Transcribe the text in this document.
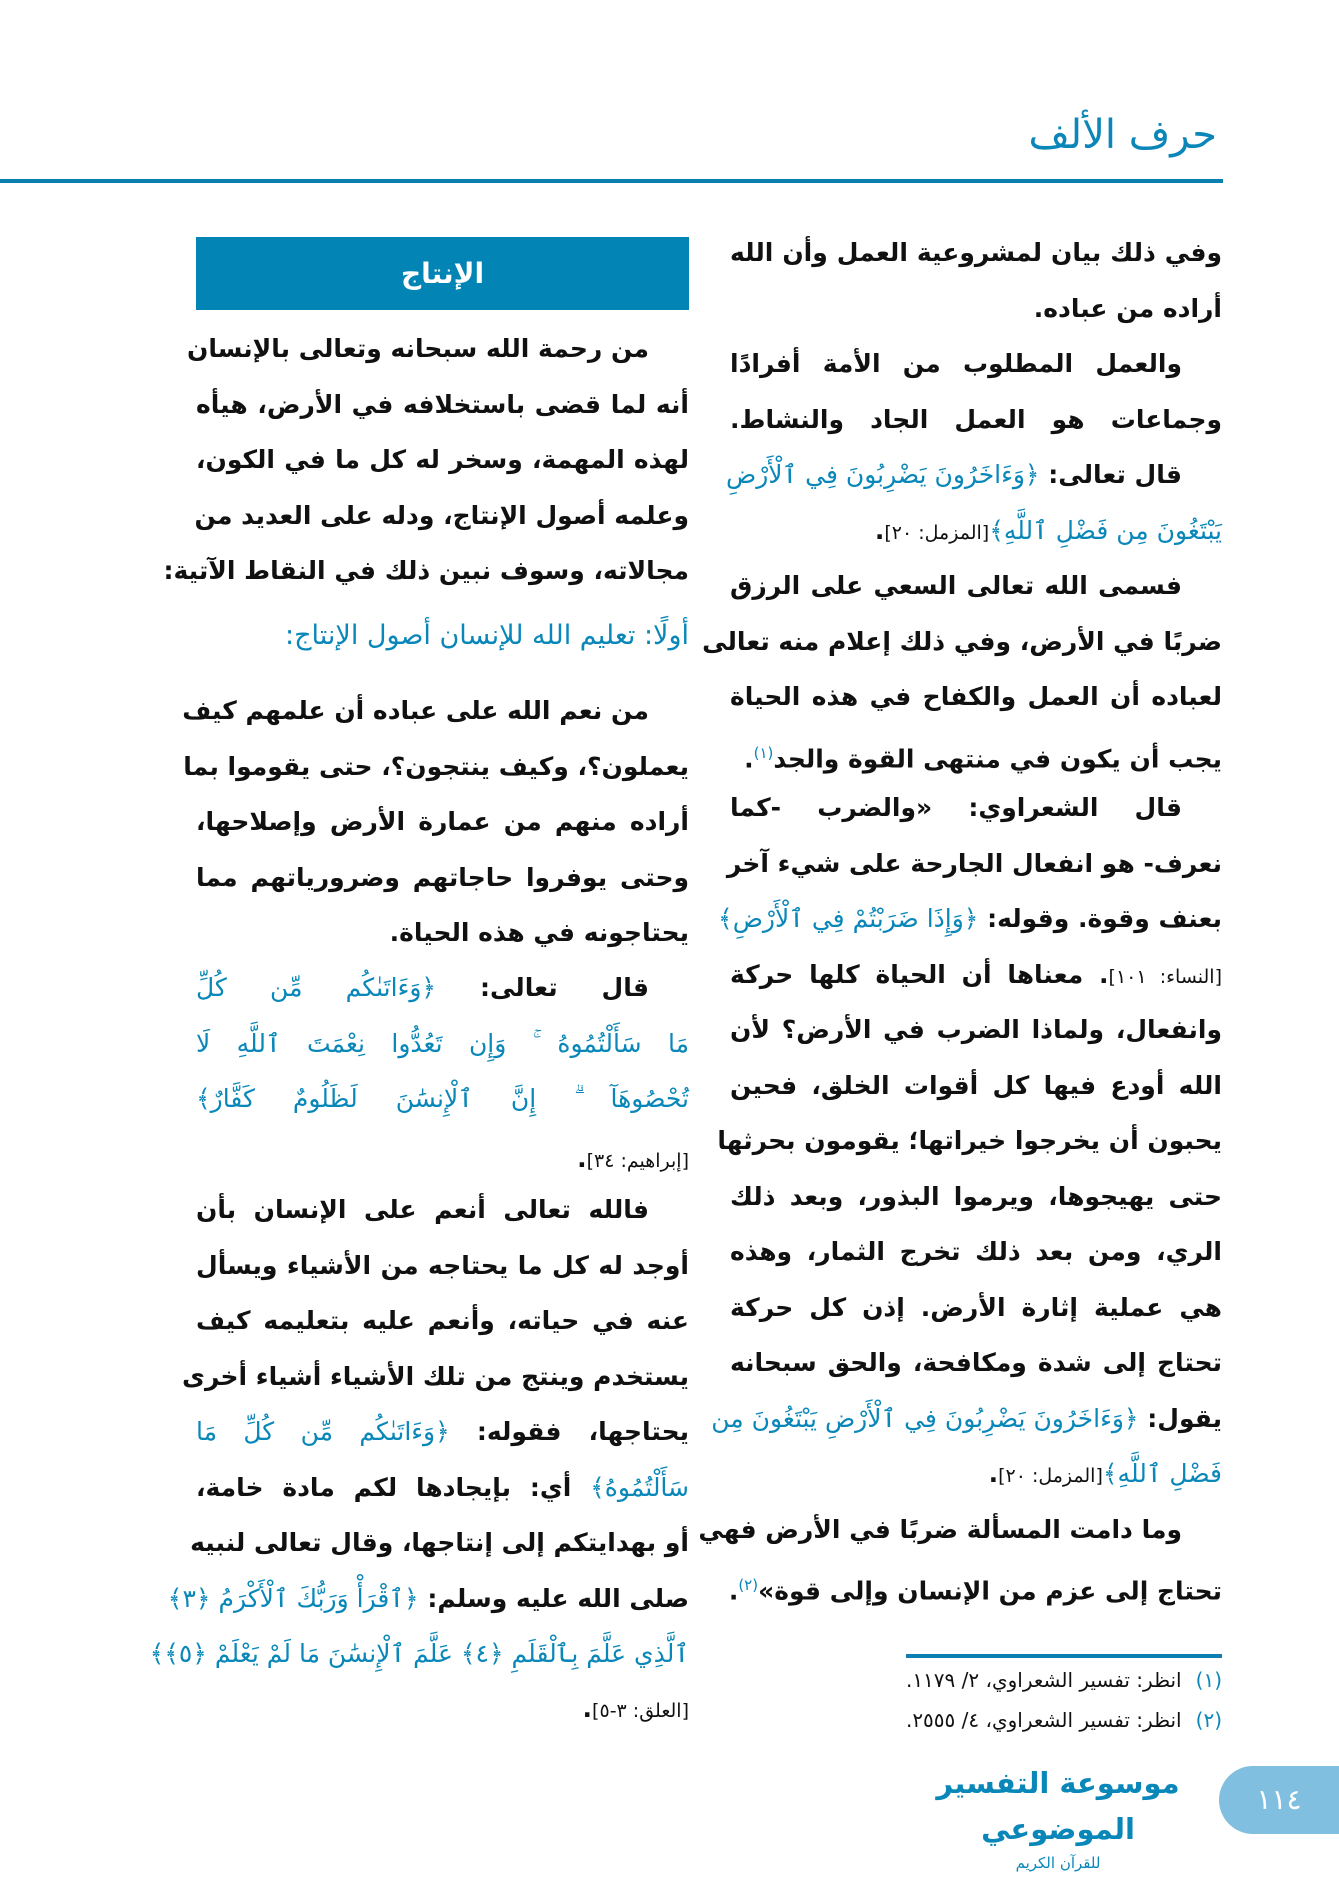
حرف الألف
وفي ذلك بيان لمشروعية العمل وأن الله
أراده من عباده.
والعمل المطلوب من الأمة أفرادًا
وجماعات هو العمل الجاد والنشاط.
قال تعالى: ﴿وَءَاخَرُونَ يَضْرِبُونَ فِي ٱلْأَرْضِ
يَبْتَغُونَ مِن فَضْلِ ٱللَّهِ﴾[المزمل: ٢٠].
فسمى الله تعالى السعي على الرزق
ضربًا في الأرض، وفي ذلك إعلام منه تعالى
لعباده أن العمل والكفاح في هذه الحياة
يجب أن يكون في منتهى القوة والجد$^{(١)}$.
قال الشعراوي: «والضرب -كما
نعرف- هو انفعال الجارحة على شيء آخر
بعنف وقوة. وقوله: ﴿وَإِذَا ضَرَبْتُمْ فِي ٱلْأَرْضِ﴾
[النساء: ١٠١]. معناها أن الحياة كلها حركة
وانفعال، ولماذا الضرب في الأرض؟ لأن
الله أودع فيها كل أقوات الخلق، فحين
يحبون أن يخرجوا خيراتها؛ يقومون بحرثها
حتى يهيجوها، ويرموا البذور، وبعد ذلك
الري، ومن بعد ذلك تخرج الثمار، وهذه
هي عملية إثارة الأرض. إذن كل حركة
تحتاج إلى شدة ومكافحة، والحق سبحانه
يقول: ﴿وَءَاخَرُونَ يَضْرِبُونَ فِي ٱلْأَرْضِ يَبْتَغُونَ مِن
فَضْلِ ٱللَّهِ﴾[المزمل: ٢٠].
وما دامت المسألة ضربًا في الأرض فهي
تحتاج إلى عزم من الإنسان وإلى قوة»$^{(٢)}$.
الإنتاج
من رحمة الله سبحانه وتعالى بالإنسان
أنه لما قضى باستخلافه في الأرض، هيأه
لهذه المهمة، وسخر له كل ما في الكون،
وعلمه أصول الإنتاج، ودله على العديد من
مجالاته، وسوف نبين ذلك في النقاط الآتية:
أولًا: تعليم الله للإنسان أصول الإنتاج:
من نعم الله على عباده أن علمهم كيف
يعملون؟، وكيف ينتجون؟، حتى يقوموا بما
أراده منهم من عمارة الأرض وإصلاحها،
وحتى يوفروا حاجاتهم وضرورياتهم مما
يحتاجونه في هذه الحياة.
قال تعالى: ﴿وَءَاتَىٰكُم مِّن كُلِّ
مَا سَأَلْتُمُوهُ ۚ وَإِن تَعُدُّوا نِعْمَتَ ٱللَّهِ لَا
تُحْصُوهَآ ۗ إِنَّ ٱلْإِنسَٰنَ لَظَلُومٌ كَفَّارٌ﴾
[إبراهيم: ٣٤].
فالله تعالى أنعم على الإنسان بأن
أوجد له كل ما يحتاجه من الأشياء ويسأل
عنه في حياته، وأنعم عليه بتعليمه كيف
يستخدم وينتج من تلك الأشياء أشياء أخرى
يحتاجها، فقوله: ﴿وَءَاتَىٰكُم مِّن كُلِّ مَا
سَأَلْتُمُوهُ﴾ أي: بإيجادها لكم مادة خامة،
أو بهدايتكم إلى إنتاجها، وقال تعالى لنبيه
صلى الله عليه وسلم: ﴿ٱقْرَأْ وَرَبُّكَ ٱلْأَكْرَمُ ﴿٣﴾
ٱلَّذِي عَلَّمَ بِٱلْقَلَمِ ﴿٤﴾ عَلَّمَ ٱلْإِنسَٰنَ مَا لَمْ يَعْلَمْ ﴿٥﴾﴾
[العلق: ٣-٥].
(١)انظر: تفسير الشعراوي، ٢/ ١١٧٩.
(٢)انظر: تفسير الشعراوي، ٤/ ٢٥٥٥.
موسوعة التفسير الموضوعي
للقرآن الكريم
١١٤
